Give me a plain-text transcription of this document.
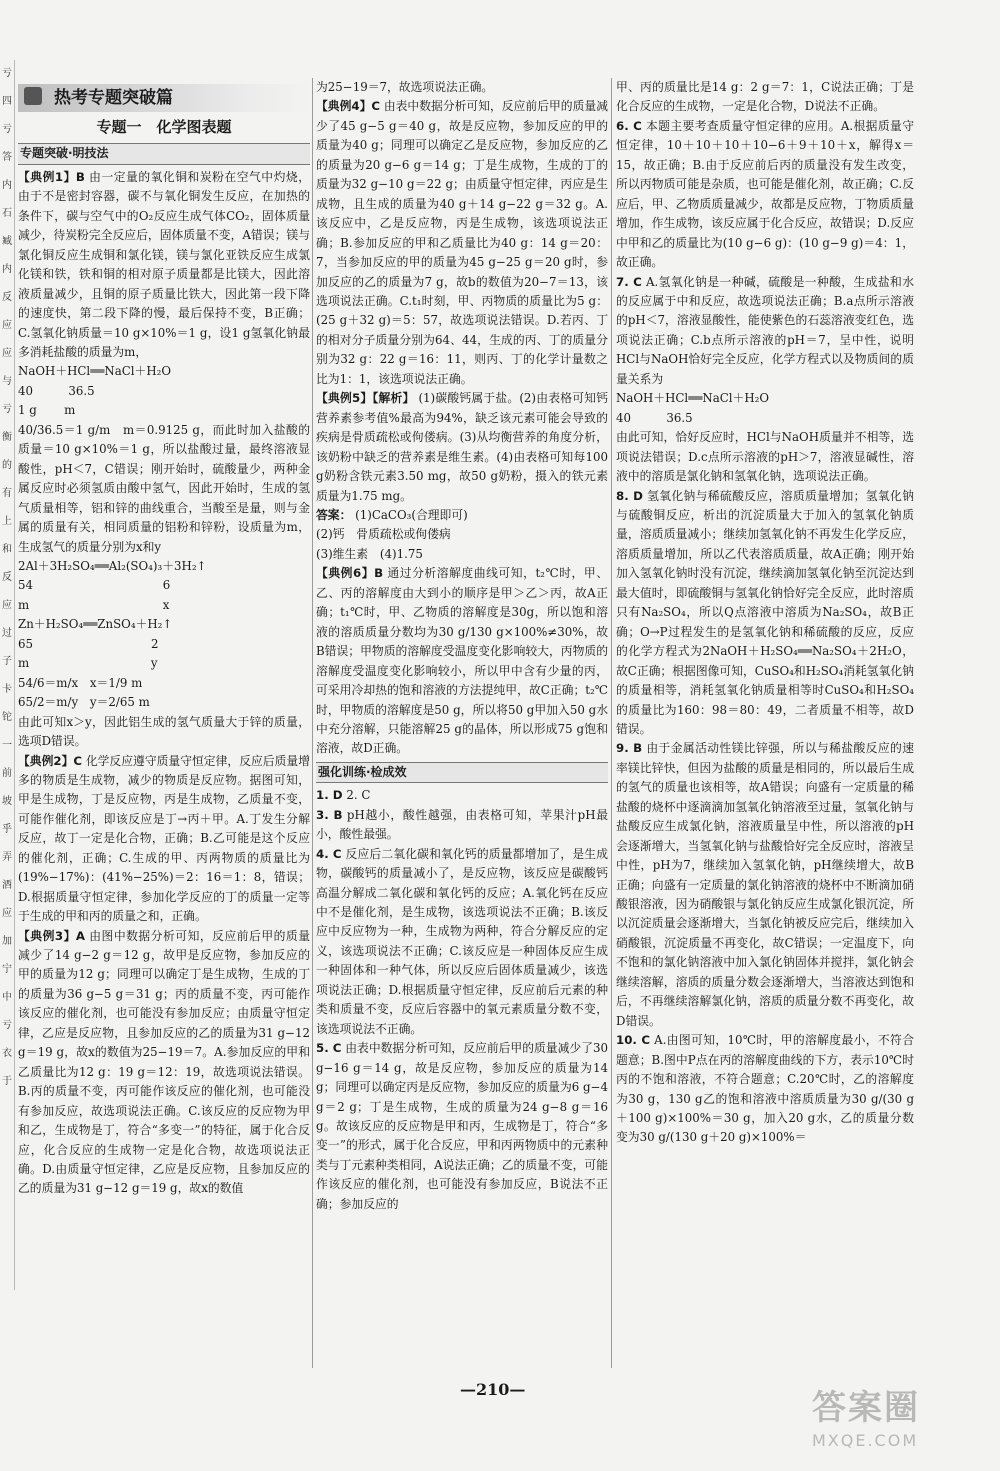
亏
四
亏
答
内
石
臧
内
反
应
应
与
亏
衡
的
有
上
和
反
应
过
子
卡
铊
一
前
坡
乎
弄
酒
应
加
宁
中
亏
衣
于
热考专题突破篇
专题一　化学图表题
专题突破·明技法

【典例1】B 由一定量的氧化铜和炭粉在空气中灼烧，由于不是密封容器，碳不与氧化铜发生反应，在加热的条件下，碳与空气中的O₂反应生成气体CO₂，固体质量减少，待炭粉完全反应后，固体质量不变，A错误；镁与氯化铜反应生成铜和氯化镁，镁与氯化亚铁反应生成氯化镁和铁，铁和铜的相对原子质量都是比镁大，因此溶液质量减少，且铜的原子质量比铁大，因此第一段下降的速度快，第二段下降的慢，最后保持不变，B正确；C.氢氧化钠质量＝10 g×10%＝1 g，设1 g氢氧化钠最多消耗盐酸的质量为m，

NaOH＋HCl══NaCl＋H₂O

40　　　36.5

1 g　　 m

40/36.5＝1 g/m　m＝0.9125 g，而此时加入盐酸的质量＝10 g×10%＝1 g，所以盐酸过量，最终溶液显酸性，pH＜7，C错误；刚开始时，硫酸量少，两种金属反应时必须氢质由酸中氢气，因此开始时，生成的氢气质量相等，铝和锌的曲线重合，当酸至是量，则与金属的质量有关，相同质量的铝粉和锌粉，设质量为m，生成氢气的质量分别为x和y

2Al＋3H₂SO₄══Al₂(SO₄)₃＋3H₂↑

54　　　　　　　　　　　6

m　　　　　　　　　　　 x

Zn＋H₂SO₄══ZnSO₄＋H₂↑

65　　　　　　　　　　2

m　　　　　　　　　　 y

54/6＝m/x　x＝1/9 m

65/2＝m/y　y＝2/65 m

由此可知x＞y，因此铝生成的氢气质量大于锌的质量，选项D错误。

【典例2】C 化学反应遵守质量守恒定律，反应后质量增多的物质是生成物，减少的物质是反应物。据图可知，甲是生成物，丁是反应物，丙是生成物，乙质量不变，可能作催化剂，即该反应是丁→丙＋甲。A.丁发生分解反应，故丁一定是化合物，正确；B.乙可能是这个反应的催化剂，正确；C.生成的甲、丙两物质的质量比为(19%−17%)：(41%−25%)＝2：16＝1：8，错误；D.根据质量守恒定律，参加化学反应的丁的质量一定等于生成的甲和丙的质量之和，正确。

【典例3】A 由图中数据分析可知，反应前后甲的质量减少了14 g−2 g＝12 g，故甲是反应物，参加反应的甲的质量为12 g；同理可以确定丁是生成物，生成的丁的质量为36 g−5 g＝31 g；丙的质量不变，丙可能作该反应的催化剂，也可能没有参加反应；由质量守恒定律，乙应是反应物，且参加反应的乙的质量为31 g−12 g＝19 g，故x的数值为25−19＝7。A.参加反应的甲和乙质量比为12 g：19 g＝12：19，故选项说法错误。B.丙的质量不变，丙可能作该反应的催化剂，也可能没有参加反应，故选项说法正确。C.该反应的反应物为甲和乙，生成物是丁，符合“多变一”的特征，属于化合反应，化合反应的生成物一定是化合物，故选项说法正确。D.由质量守恒定律，乙应是反应物，且参加反应的乙的质量为31 g−12 g＝19 g，故x的数值

为25−19＝7，故选项说法正确。

【典例4】C 由表中数据分析可知，反应前后甲的质量减少了45 g−5 g＝40 g，故是反应物，参加反应的甲的质量为40 g；同理可以确定乙是反应物，参加反应的乙的质量为20 g−6 g＝14 g；丁是生成物，生成的丁的质量为32 g−10 g＝22 g；由质量守恒定律，丙应是生成物，且生成的质量为40 g＋14 g−22 g＝32 g。A.该反应中，乙是反应物，丙是生成物，该选项说法正确；B.参加反应的甲和乙质量比为40 g：14 g＝20：7，当参加反应的甲的质量为45 g−25 g＝20 g时，参加反应的乙的质量为7 g，故b的数值为20−7＝13，该选项说法正确。C.t₁时刻，甲、丙物质的质量比为5 g：(25 g＋32 g)＝5：57，故选项说法错误。D.若丙、丁的相对分子质量分别为64、44，生成的丙、丁的质量分别为32 g：22 g＝16：11，则丙、丁的化学计量数之比为1：1，该选项说法正确。

【典例5】【解析】 (1)碳酸钙属于盐。(2)由表格可知钙营养素参考值%最高为94%，缺乏该元素可能会导致的疾病是骨质疏松或佝偻病。(3)从均衡营养的角度分析，该奶粉中缺乏的营养素是维生素。(4)由表格可知每100 g奶粉含铁元素3.50 mg，故50 g奶粉，摄入的铁元素质量为1.75 mg。

答案： (1)CaCO₃(合理即可)

(2)钙　骨质疏松或佝偻病

(3)维生素　(4)1.75

【典例6】B 通过分析溶解度曲线可知，t₂℃时，甲、乙、丙的溶解度由大到小的顺序是甲＞乙＞丙，故A正确；t₁℃时，甲、乙物质的溶解度是30g，所以饱和溶液的溶质质量分数均为30 g/130 g×100%≠30%，故B错误；甲物质的溶解度受温度变化影响较大，丙物质的溶解度受温度变化影响较小，所以甲中含有少量的丙，可采用冷却热的饱和溶液的方法提纯甲，故C正确；t₂℃时，甲物质的溶解度是50 g，所以将50 g甲加入50 g水中充分溶解，只能溶解25 g的晶体，所以形成75 g饱和溶液，故D正确。

强化训练·检成效

1. D 2. C

3. B pH越小，酸性越强，由表格可知，苹果汁pH最小，酸性最强。

4. C 反应后二氧化碳和氧化钙的质量都增加了，是生成物，碳酸钙的质量减小了，是反应物，该反应是碳酸钙高温分解成二氧化碳和氧化钙的反应；A.氧化钙在反应中不是催化剂，是生成物，该选项说法不正确；B.该反应中反应物为一种，生成物为两种，符合分解反应的定义，该选项说法不正确；C.该反应是一种固体反应生成一种固体和一种气体，所以反应后固体质量减少，该选项说法正确；D.根据质量守恒定律，反应前后元素的种类和质量不变，反应后容器中的氧元素质量分数不变，该选项说法不正确。

5. C 由表中数据分析可知，反应前后甲的质量减少了30 g−16 g＝14 g，故是反应物，参加反应的质量为14 g；同理可以确定丙是反应物，参加反应的质量为6 g−4 g＝2 g；丁是生成物，生成的质量为24 g−8 g＝16 g。故该反应的反应物是甲和丙，生成物是丁，符合“多变一”的形式，属于化合反应，甲和丙两物质中的元素种类与丁元素种类相同，A说法正确；乙的质量不变，可能作该反应的催化剂，也可能没有参加反应，B说法不正确；参加反应的

甲、丙的质量比是14 g：2 g＝7：1，C说法正确；丁是化合反应的生成物，一定是化合物，D说法不正确。

6. C 本题主要考查质量守恒定律的应用。A.根据质量守恒定律，10＋10＋10＋10−6＋9＋10＋x，解得x＝15，故正确；B.由于反应前后丙的质量没有发生改变，所以丙物质可能是杂质，也可能是催化剂，故正确；C.反应后，甲、乙物质质量减少，故都是反应物，丁物质质量增加，作生成物，该反应属于化合反应，故错误；D.反应中甲和乙的质量比为(10 g−6 g)：(10 g−9 g)＝4：1，故正确。

7. C A.氢氧化钠是一种碱，硫酸是一种酸，生成盐和水的反应属于中和反应，故选项说法正确；B.a点所示溶液的pH＜7，溶液显酸性，能使紫色的石蕊溶液变红色，选项说法正确；C.b点所示溶液的pH＝7，呈中性，说明HCl与NaOH恰好完全反应，化学方程式以及物质间的质量关系为

NaOH＋HCl══NaCl＋H₂O

40　　　36.5

由此可知，恰好反应时，HCl与NaOH质量并不相等，选项说法错误；D.c点所示溶液的pH＞7，溶液显碱性，溶液中的溶质是氯化钠和氢氧化钠，选项说法正确。

8. D 氢氧化钠与稀硫酸反应，溶质质量增加；氢氧化钠与硫酸铜反应，析出的沉淀质量大于加入的氢氧化钠质量，溶质质量减小；继续加氢氧化钠不再发生化学反应，溶质质量增加，所以乙代表溶质质量，故A正确；刚开始加入氢氧化钠时没有沉淀，继续滴加氢氧化钠至沉淀达到最大值时，即硫酸铜与氢氧化钠恰好完全反应，此时溶质只有Na₂SO₄，所以Q点溶液中溶质为Na₂SO₄，故B正确；O→P过程发生的是氢氧化钠和稀硫酸的反应，反应的化学方程式为2NaOH＋H₂SO₄══Na₂SO₄＋2H₂O，故C正确；根据图像可知，CuSO₄和H₂SO₄消耗氢氧化钠的质量相等，消耗氢氧化钠质量相等时CuSO₄和H₂SO₄的质量比为160：98＝80：49，二者质量不相等，故D错误。

9. B 由于金属活动性镁比锌强，所以与稀盐酸反应的速率镁比锌快，但因为盐酸的质量是相同的，所以最后生成的氢气的质量也该相等，故A错误；向盛有一定质量的稀盐酸的烧杯中逐滴滴加氢氧化钠溶液至过量，氢氧化钠与盐酸反应生成氯化钠，溶液质量呈中性，所以溶液的pH会逐渐增大，当氢氧化钠与盐酸恰好完全反应时，溶液呈中性，pH为7，继续加入氢氧化钠，pH继续增大，故B正确；向盛有一定质量的氯化钠溶液的烧杯中不断滴加硝酸银溶液，因为硝酸银与氯化钠反应生成氯化银沉淀，所以沉淀质量会逐渐增大，当氯化钠被反应完后，继续加入硝酸银，沉淀质量不再变化，故C错误；一定温度下，向不饱和的氯化钠溶液中加入氯化钠固体并搅拌，氯化钠会继续溶解，溶质的质量分数会逐渐增大，当溶液达到饱和后，不再继续溶解氯化钠，溶质的质量分数不再变化，故D错误。

10. C A.由图可知，10℃时，甲的溶解度最小，不符合题意；B.图中P点在丙的溶解度曲线的下方，表示10℃时丙的不饱和溶液，不符合题意；C.20℃时，乙的溶解度为30 g，130 g乙的饱和溶液中溶质质量为30 g/(30 g＋100 g)×100%＝30 g，加入20 g水，乙的质量分数变为30 g/(130 g＋20 g)×100%＝

—210—	答案圈
MXQE.COM
